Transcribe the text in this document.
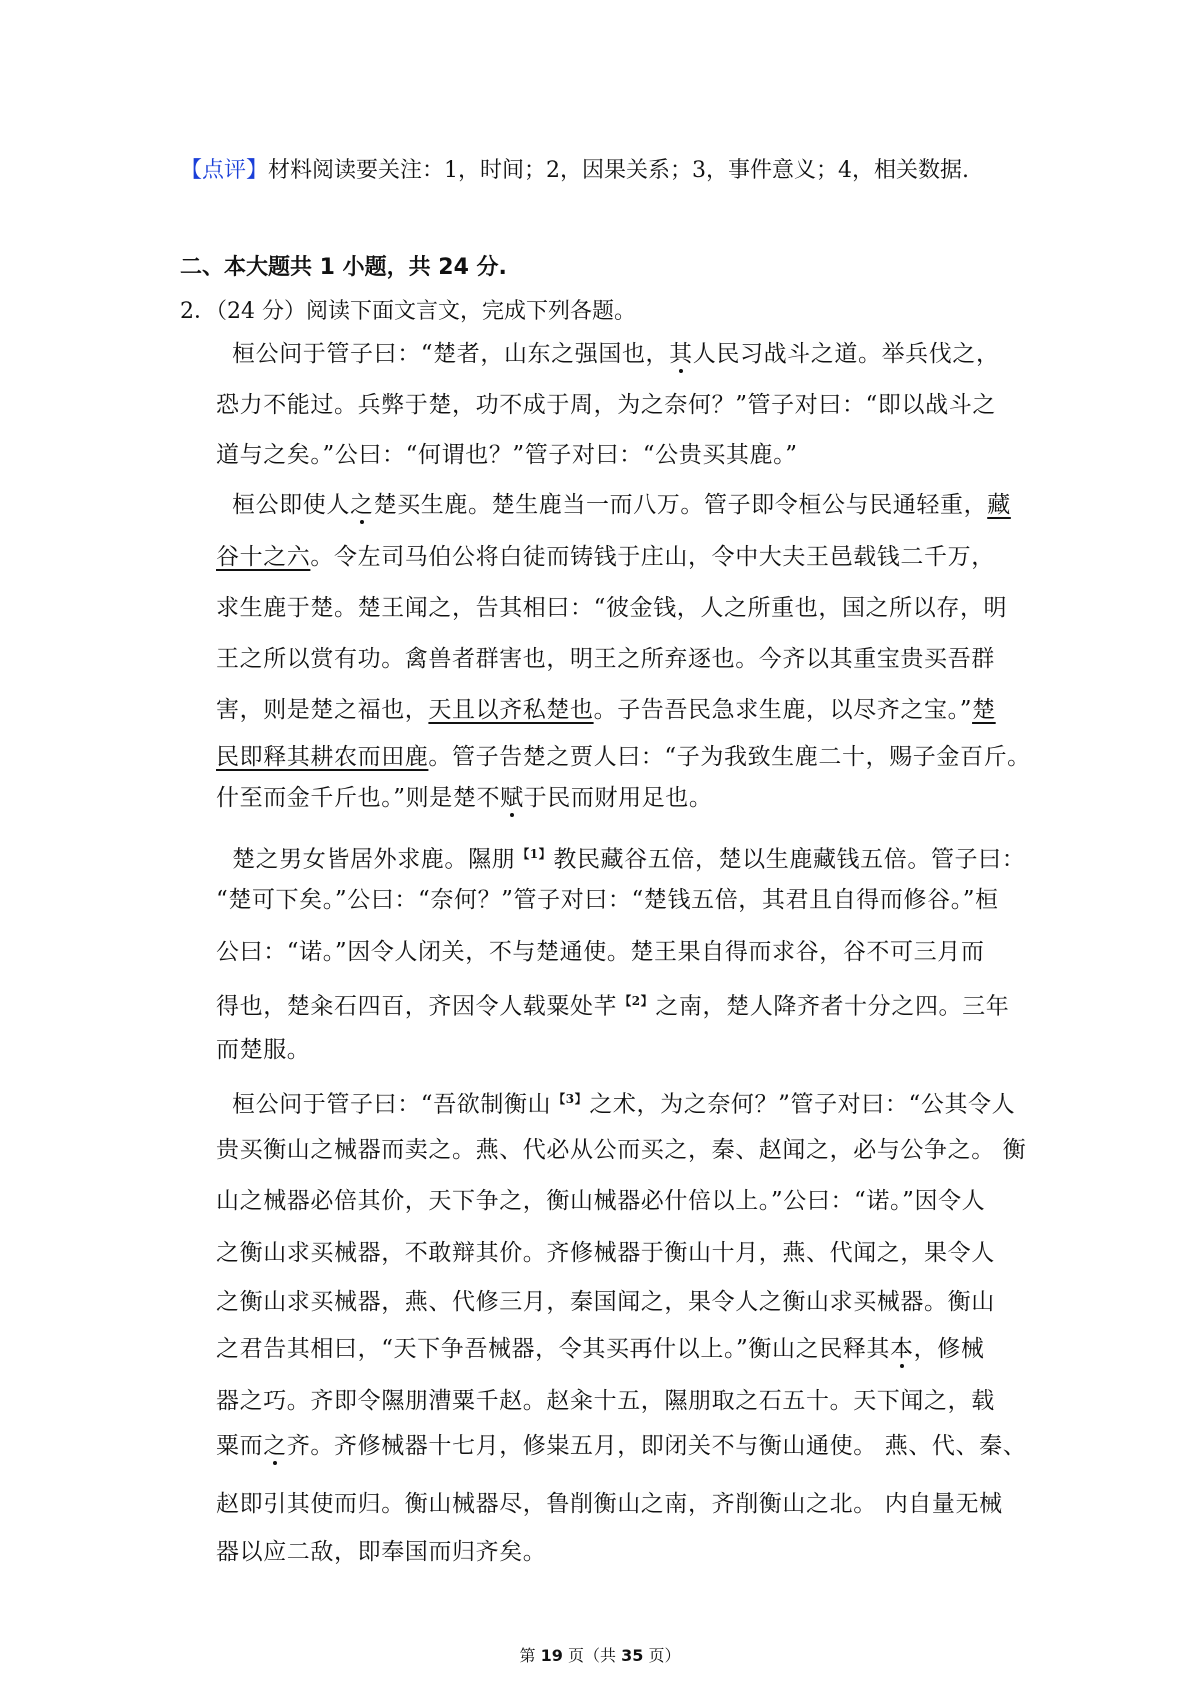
【点评】材料阅读要关注：1，时间；2，因果关系；3，事件意义；4，相关数据.
二、本大题共 1 小题，共 24 分.
2．（24 分）阅读下面文言文，完成下列各题。
桓公问于管子曰：“楚者，山东之强国也，其人民习战斗之道。举兵伐之，
恐力不能过。兵弊于楚，功不成于周，为之奈何？”管子对曰：“即以战斗之
道与之矣。”公曰：“何谓也？”管子对曰：“公贵买其鹿。”
桓公即使人之楚买生鹿。楚生鹿当一而八万。管子即令桓公与民通轻重，藏
谷十之六。令左司马伯公将白徒而铸钱于庄山，令中大夫王邑载钱二千万，
求生鹿于楚。楚王闻之，告其相曰：“彼金钱，人之所重也，国之所以存，明
王之所以赏有功。禽兽者群害也，明王之所弃逐也。今齐以其重宝贵买吾群
害，则是楚之福也，天且以齐私楚也。子告吾民急求生鹿，以尽齐之宝。”楚
民即释其耕农而田鹿。管子告楚之贾人曰：“子为我致生鹿二十，赐子金百斤。
什至而金千斤也。”则是楚不赋于民而财用足也。
楚之男女皆居外求鹿。隰朋 $^{【1】}$教民藏谷五倍，楚以生鹿藏钱五倍。管子曰：
“楚可下矣。”公曰：“奈何？”管子对曰：“楚钱五倍，其君且自得而修谷。”桓
公曰：“诺。”因令人闭关，不与楚通使。楚王果自得而求谷，谷不可三月而
得也，楚籴石四百，齐因令人载粟处芊 $^{【2】}$之南，楚人降齐者十分之四。三年
而楚服。
桓公问于管子曰：“吾欲制衡山 $^{【3】}$之术，为之奈何？”管子对曰：“公其令人
贵买衡山之械器而卖之。燕、代必从公而买之，秦、赵闻之，必与公争之。 衡
山之械器必倍其价，天下争之，衡山械器必什倍以上。”公曰：“诺。”因令人
之衡山求买械器，不敢辩其价。齐修械器于衡山十月，燕、代闻之，果令人
之衡山求买械器，燕、代修三月，秦国闻之，果令人之衡山求买械器。衡山
之君告其相曰，“天下争吾械器，令其买再什以上。”衡山之民释其本，修械
器之巧。齐即令隰朋漕粟千赵。赵籴十五，隰朋取之石五十。天下闻之，载
粟而之齐。齐修械器十七月，修粜五月，即闭关不与衡山通使。 燕、代、秦、
赵即引其使而归。衡山械器尽，鲁削衡山之南，齐削衡山之北。 内自量无械
器以应二敌，即奉国而归齐矣。
第 19 页（共 35 页）
